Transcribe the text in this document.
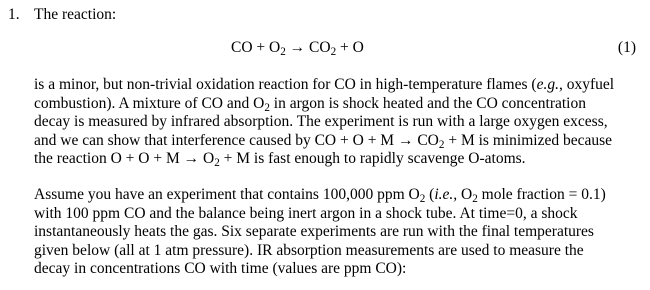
1. The reaction:
CO + $O_2 \to CO_2 + O$	(1)
is a minor, but non-trivial oxidation reaction for CO in high-temperature flames (e.g., oxyfuel
combustion). A mixture of CO and $O_2$ in argon is shock heated and the CO concentration
decay is measured by infrared absorption. The experiment is run with a large oxygen excess,
and we can show that interference caused by CO + $O + M \to CO_2 + M$ is minimized because
the reaction $O + O + M \to O_2 + M$ is fast enough to rapidly scavenge O-atoms.
Assume you have an experiment that contains 100,000 ppm $O_2$ (i.e., $O_2$ mole fraction = 0.1)
with 100 ppm CO and the balance being inert argon in a shock tube. At time=0, a shock
instantaneously heats the gas. Six separate experiments are run with the final temperatures
given below (all at 1 atm pressure). IR absorption measurements are used to measure the
decay in concentrations CO with time (values are ppm CO):
